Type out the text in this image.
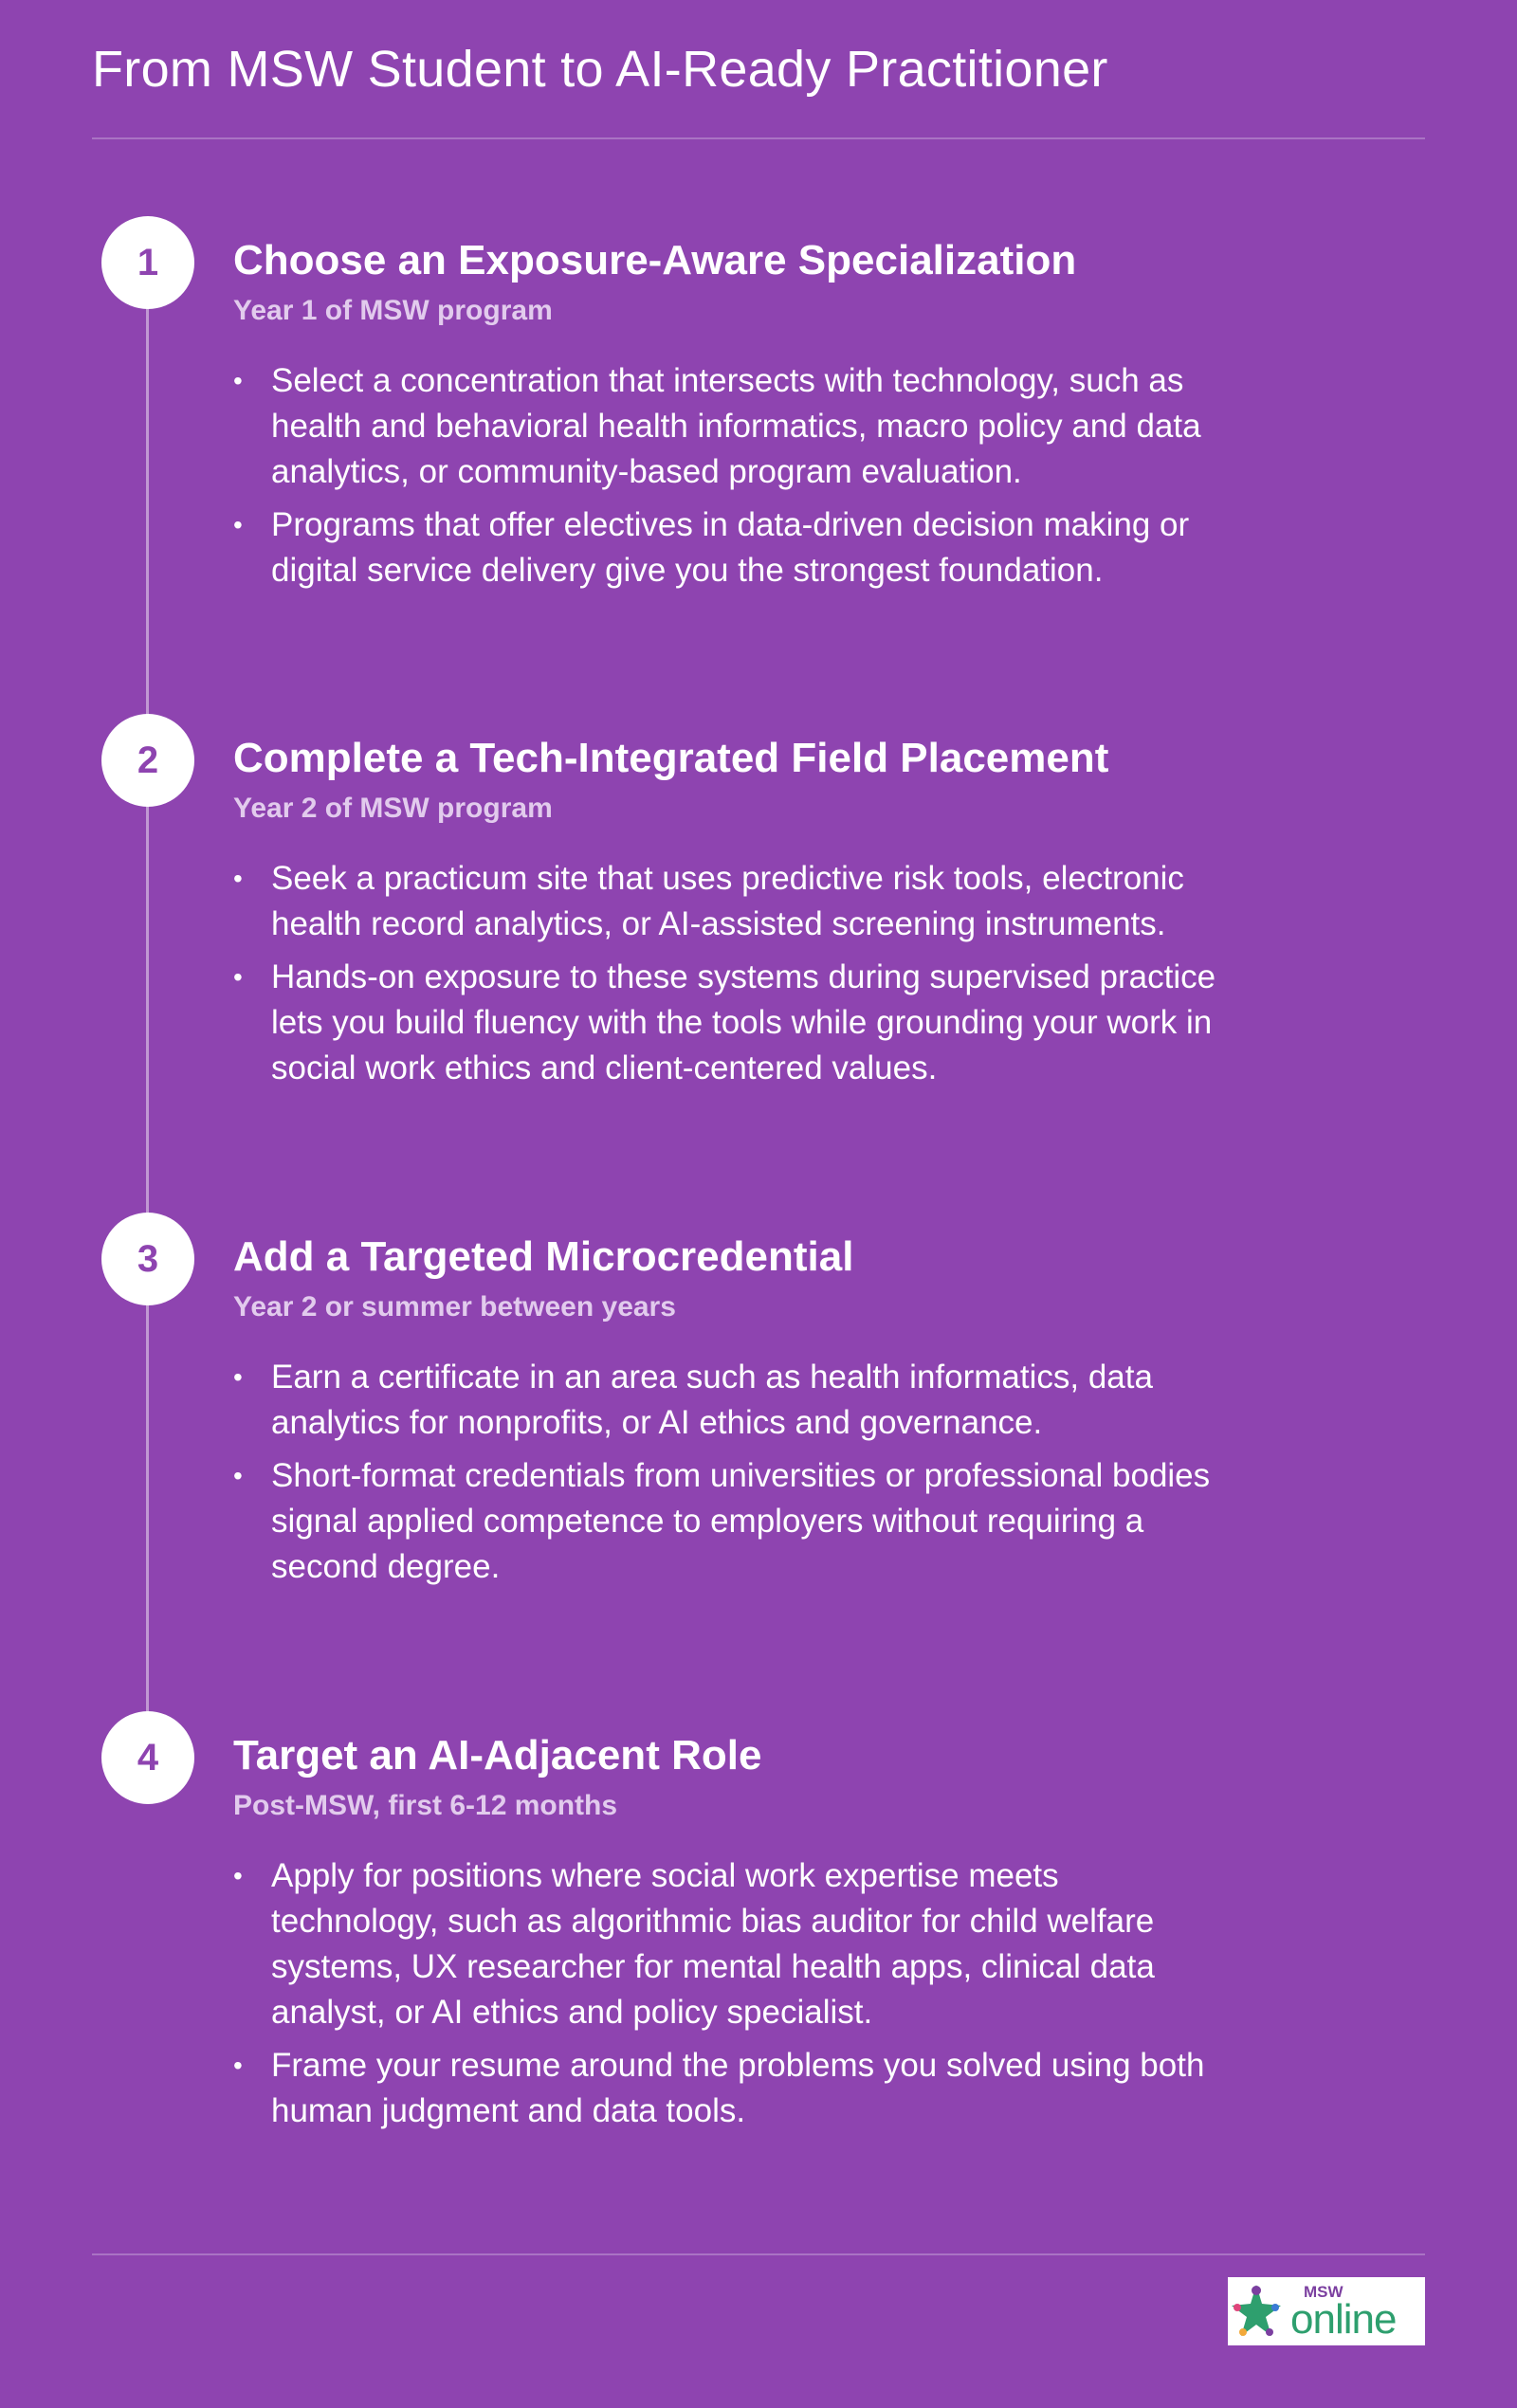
From MSW Student to AI-Ready Practitioner
1	Choose an Exposure-Aware Specialization
Year 1 of MSW program
• Select a concentration that intersects with technology, such as health and behavioral health informatics, macro policy and data analytics, or community-based program evaluation.
• Programs that offer electives in data-driven decision making or digital service delivery give you the strongest foundation.
2	Complete a Tech-Integrated Field Placement
Year 2 of MSW program
• Seek a practicum site that uses predictive risk tools, electronic health record analytics, or AI-assisted screening instruments.
• Hands-on exposure to these systems during supervised practice lets you build fluency with the tools while grounding your work in social work ethics and client-centered values.
3	Add a Targeted Microcredential
Year 2 or summer between years
• Earn a certificate in an area such as health informatics, data analytics for nonprofits, or AI ethics and governance.
• Short-format credentials from universities or professional bodies signal applied competence to employers without requiring a second degree.
4	Target an AI-Adjacent Role
Post-MSW, first 6-12 months
• Apply for positions where social work expertise meets technology, such as algorithmic bias auditor for child welfare systems, UX researcher for mental health apps, clinical data analyst, or AI ethics and policy specialist.
• Frame your resume around the problems you solved using both human judgment and data tools.
MSW
online
